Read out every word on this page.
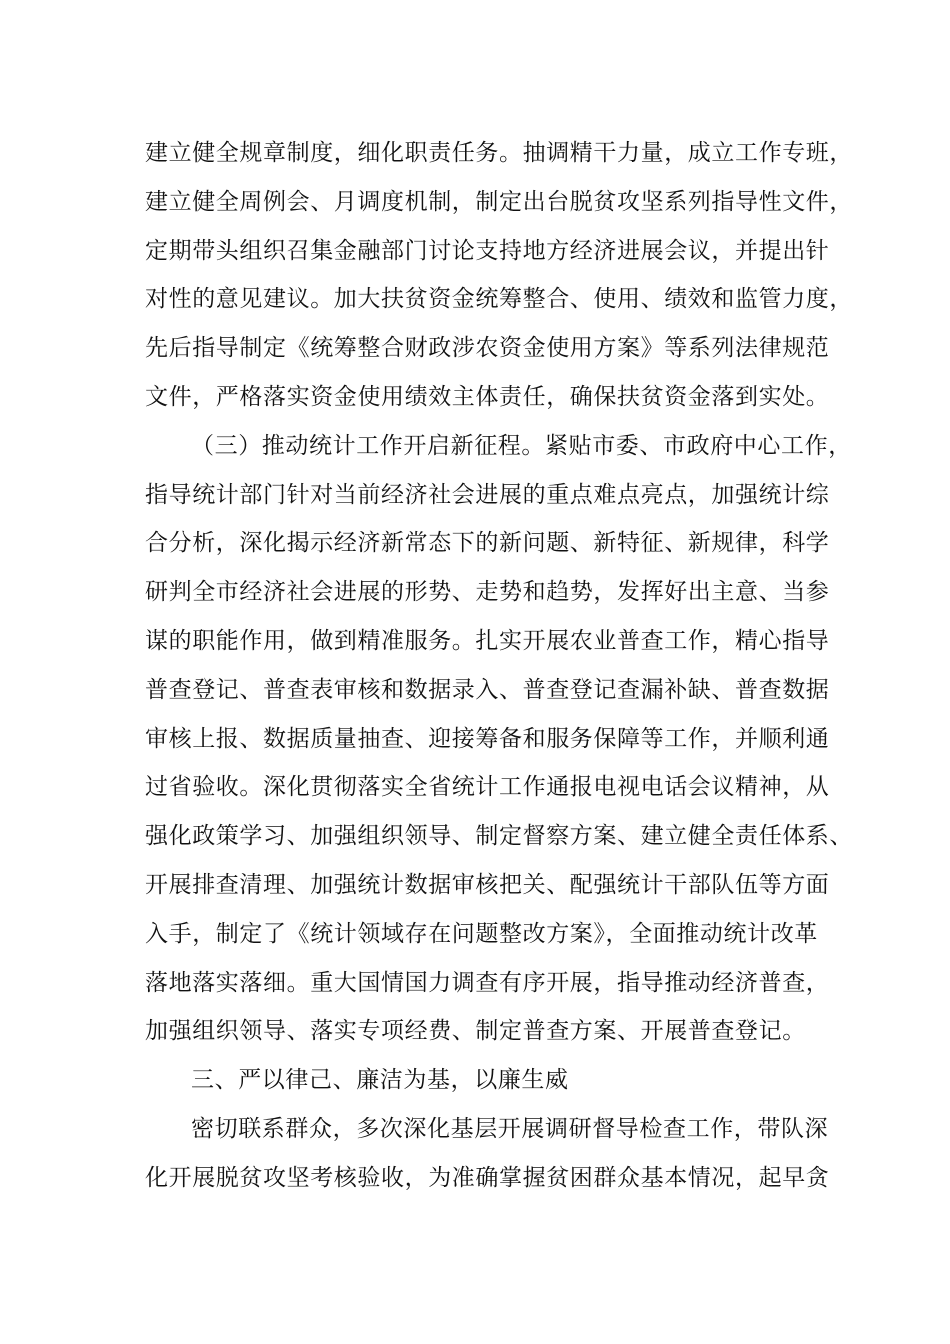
建立健全规章制度，细化职责任务。抽调精干力量，成立工作专班，
建立健全周例会、月调度机制，制定出台脱贫攻坚系列指导性文件，
定期带头组织召集金融部门讨论支持地方经济进展会议，并提出针
对性的意见建议。加大扶贫资金统筹整合、使用、绩效和监管力度，
先后指导制定《统筹整合财政涉农资金使用方案》等系列法律规范
文件，严格落实资金使用绩效主体责任，确保扶贫资金落到实处。
（三）推动统计工作开启新征程。紧贴市委、市政府中心工作，
指导统计部门针对当前经济社会进展的重点难点亮点，加强统计综
合分析，深化揭示经济新常态下的新问题、新特征、新规律，科学
研判全市经济社会进展的形势、走势和趋势，发挥好出主意、当参
谋的职能作用，做到精准服务。扎实开展农业普查工作，精心指导
普查登记、普查表审核和数据录入、普查登记查漏补缺、普查数据
审核上报、数据质量抽查、迎接筹备和服务保障等工作，并顺利通
过省验收。深化贯彻落实全省统计工作通报电视电话会议精神，从
强化政策学习、加强组织领导、制定督察方案、建立健全责任体系、
开展排查清理、加强统计数据审核把关、配强统计干部队伍等方面
入手，制定了《统计领域存在问题整改方案》，全面推动统计改革
落地落实落细。重大国情国力调查有序开展，指导推动经济普查，
加强组织领导、落实专项经费、制定普查方案、开展普查登记。
三、严以律己、廉洁为基，以廉生威
密切联系群众，多次深化基层开展调研督导检查工作，带队深
化开展脱贫攻坚考核验收，为准确掌握贫困群众基本情况，起早贪
